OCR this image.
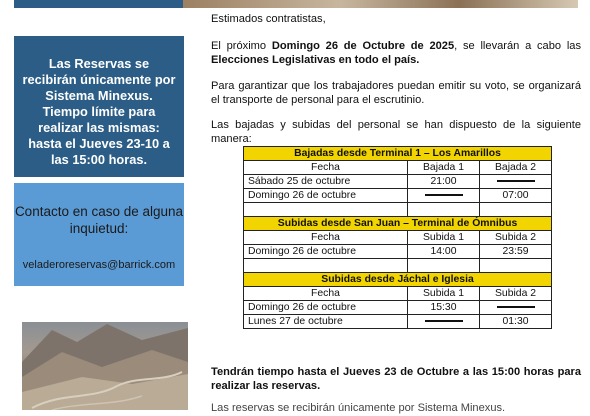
Las Reservas se recibirán únicamente por Sistema Minexus. Tiempo límite para realizar las mismas: hasta el Jueves 23-10 a las 15:00 horas.

Contacto en caso de alguna inquietud:
veladeroreservas@barrick.com

Estimados contratistas,

El próximo Domingo 26 de Octubre de 2025, se llevarán a cabo las Elecciones Legislativas en todo el país.

Para garantizar que los trabajadores puedan emitir su voto, se organizará el transporte de personal para el escrutinio.

Las bajadas y subidas del personal se han dispuesto de la siguiente manera:

Tendrán tiempo hasta el Jueves 23 de Octubre a las 15:00 horas para realizar las reservas.

Las reservas se recibirán únicamente por Sistema Minexus.

Bajadas desde Terminal 1 – Los Amarillos		
Fecha	Bajada 1	Bajada 2
Sábado 25 de octubre	21:00	
Domingo 26 de octubre		07:00

Subidas desde San Juan – Terminal de Ómnibus		
Fecha	Subida 1	Subida 2
Domingo 26 de octubre	14:00	23:59

Subidas desde Jáchal e Iglesia		
Fecha	Subida 1	Subida 2
Domingo 26 de octubre	15:30	
Lunes 27 de octubre		01:30
